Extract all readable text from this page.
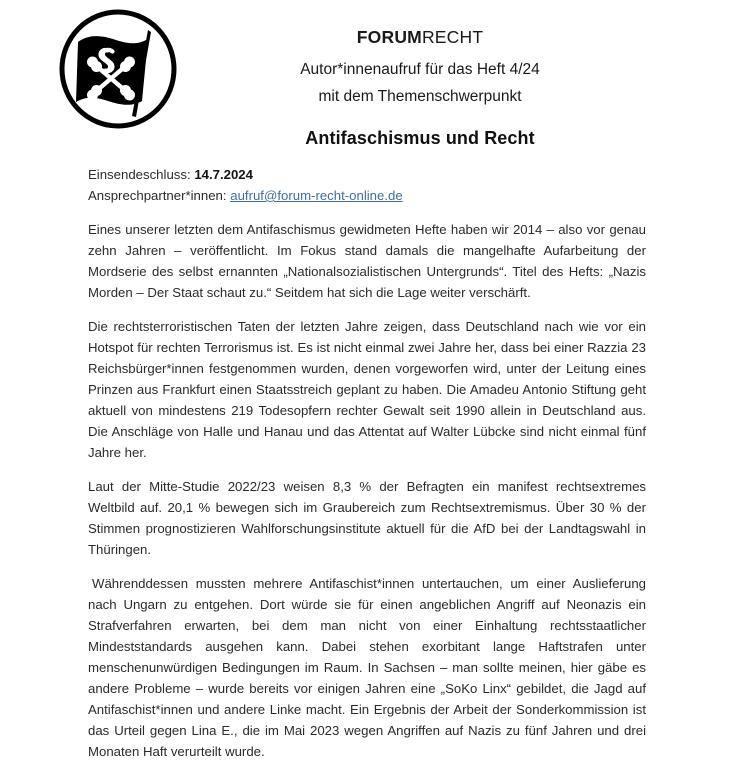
FORUMRECHT
Autor*innenaufruf für das Heft 4/24
mit dem Themenschwerpunkt
Antifaschismus und Recht
Einsendeschluss: 14.7.2024
Ansprechpartner*innen: aufruf@forum-recht-online.de

Eines unserer letzten dem Antifaschismus gewidmeten Hefte haben wir 2014 – also vor genau zehn Jahren – veröffentlicht. Im Fokus stand damals die mangelhafte Aufarbeitung der Mordserie des selbst ernannten „Nationalsozialistischen Untergrunds“. Titel des Hefts: „Nazis Morden – Der Staat schaut zu.“ Seitdem hat sich die Lage weiter verschärft.

Die rechtsterroristischen Taten der letzten Jahre zeigen, dass Deutschland nach wie vor ein Hotspot für rechten Terrorismus ist. Es ist nicht einmal zwei Jahre her, dass bei einer Razzia 23 Reichsbürger*innen festgenommen wurden, denen vorgeworfen wird, unter der Leitung eines Prinzen aus Frankfurt einen Staatsstreich geplant zu haben. Die Amadeu Antonio Stiftung geht aktuell von mindestens 219 Todesopfern rechter Gewalt seit 1990 allein in Deutschland aus. Die Anschläge von Halle und Hanau und das Attentat auf Walter Lübcke sind nicht einmal fünf Jahre her.

Laut der Mitte-Studie 2022/23 weisen 8,3 % der Befragten ein manifest rechtsextremes Weltbild auf. 20,1 % bewegen sich im Graubereich zum Rechtsextremismus. Über 30 % der Stimmen prognostizieren Wahlforschungsinstitute aktuell für die AfD bei der Landtagswahl in Thüringen.

Währenddessen mussten mehrere Antifaschist*innen untertauchen, um einer Auslieferung nach Ungarn zu entgehen. Dort würde sie für einen angeblichen Angriff auf Neonazis ein Strafverfahren erwarten, bei dem man nicht von einer Einhaltung rechtsstaatlicher Mindeststandards ausgehen kann. Dabei stehen exorbitant lange Haftstrafen unter menschenunwürdigen Bedingungen im Raum. In Sachsen – man sollte meinen, hier gäbe es andere Probleme – wurde bereits vor einigen Jahren eine „SoKo Linx“ gebildet, die Jagd auf Antifaschist*innen und andere Linke macht. Ein Ergebnis der Arbeit der Sonderkommission ist das Urteil gegen Lina E., die im Mai 2023 wegen Angriffen auf Nazis zu fünf Jahren und drei Monaten Haft verurteilt wurde.
